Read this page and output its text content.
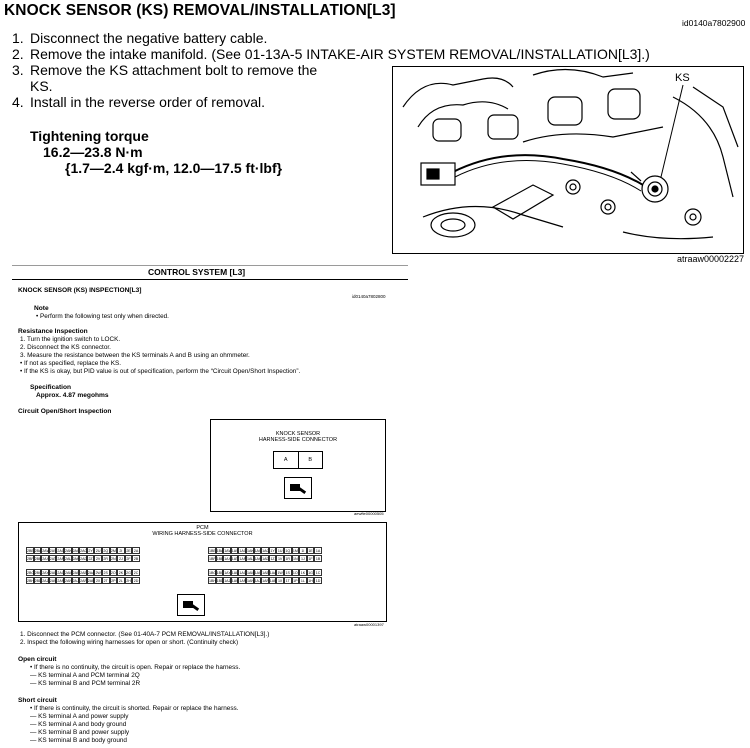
KNOCK SENSOR (KS) REMOVAL/INSTALLATION[L3]
id0140a7802900
1. Disconnect the negative battery cable.
2. Remove the intake manifold. (See 01-13A-5 INTAKE-AIR SYSTEM REMOVAL/INSTALLATION[L3].)
3. Remove the KS attachment bolt to remove the
KS.
4. Install in the reverse order of removal.
Tightening torque
16.2—23.8 N·m
{1.7—2.4 kgf·m, 12.0—17.5 ft·lbf}
KS
atraaw00002227
CONTROL SYSTEM [L3]
KNOCK SENSOR (KS) INSPECTION[L3]
id0140a7802800
Note
• Perform the following test only when directed.
Resistance Inspection
1. Turn the ignition switch to LOCK.
2. Disconnect the KS connector.
3. Measure the resistance between the KS terminals A and B using an ohmmeter.
• If not as specified, replace the KS.
• If the KS is okay, but PID value is out of specification, perform the “Circuit Open/Short Inspection”.
Specification
Approx. 4.87 megohms
Circuit Open/Short Inspection
KNOCK SENSOR
HARNESS-SIDE CONNECTOR
A	B
aewfte00000505
PCM
WIRING HARNESS-SIDE CONNECTOR
2BE 2BA 2AW 2AS 2AO 2AK 2AG 2AC 2Y 2U 2Q 2M 2I	2E 2A
2BF 2BB 2AX 2AT 2AP 2AL 2AH 2AD 2Z 2V 2R 2N 2J 2F 2B
2BG 2BC 2AY 2AU 2AQ 2AM 2AI 2AE 2AA 2W 2S 2O 2K 2G 2C
2BH 2BD 2AZ 2AV 2AR 2AN 2AJ 2AF 2AB 2X 2T 2P 2L 2H 2D
1BE 1BA 1AW 1AS 1AO 1AK 1AG 1AC 1Y 1U 1Q 1M 1I	1E 1A
1BF 1BB 1AX 1AT 1AP 1AL 1AH 1AD 1Z 1V 1R 1N 1J 1F 1B
1BG 1BC 1AY 1AU 1AQ 1AM 1AI 1AE 1AA 1W 1S 1O 1K 1G 1C
1BH 1BD 1AZ 1AV 1AR 1AN 1AJ 1AF 1AB 1X 1T 1P 1L 1H 1D
atraaw00001397
1. Disconnect the PCM connector. (See 01-40A-7 PCM REMOVAL/INSTALLATION[L3].)
2. Inspect the following wiring harnesses for open or short. (Continuity check)
Open circuit
• If there is no continuity, the circuit is open. Repair or replace the harness.
— KS terminal A and PCM terminal 2Q
— KS terminal B and PCM terminal 2R
Short circuit
• If there is continuity, the circuit is shorted. Repair or replace the harness.
— KS terminal A and power supply
— KS terminal A and body ground
— KS terminal B and power supply
— KS terminal B and body ground
